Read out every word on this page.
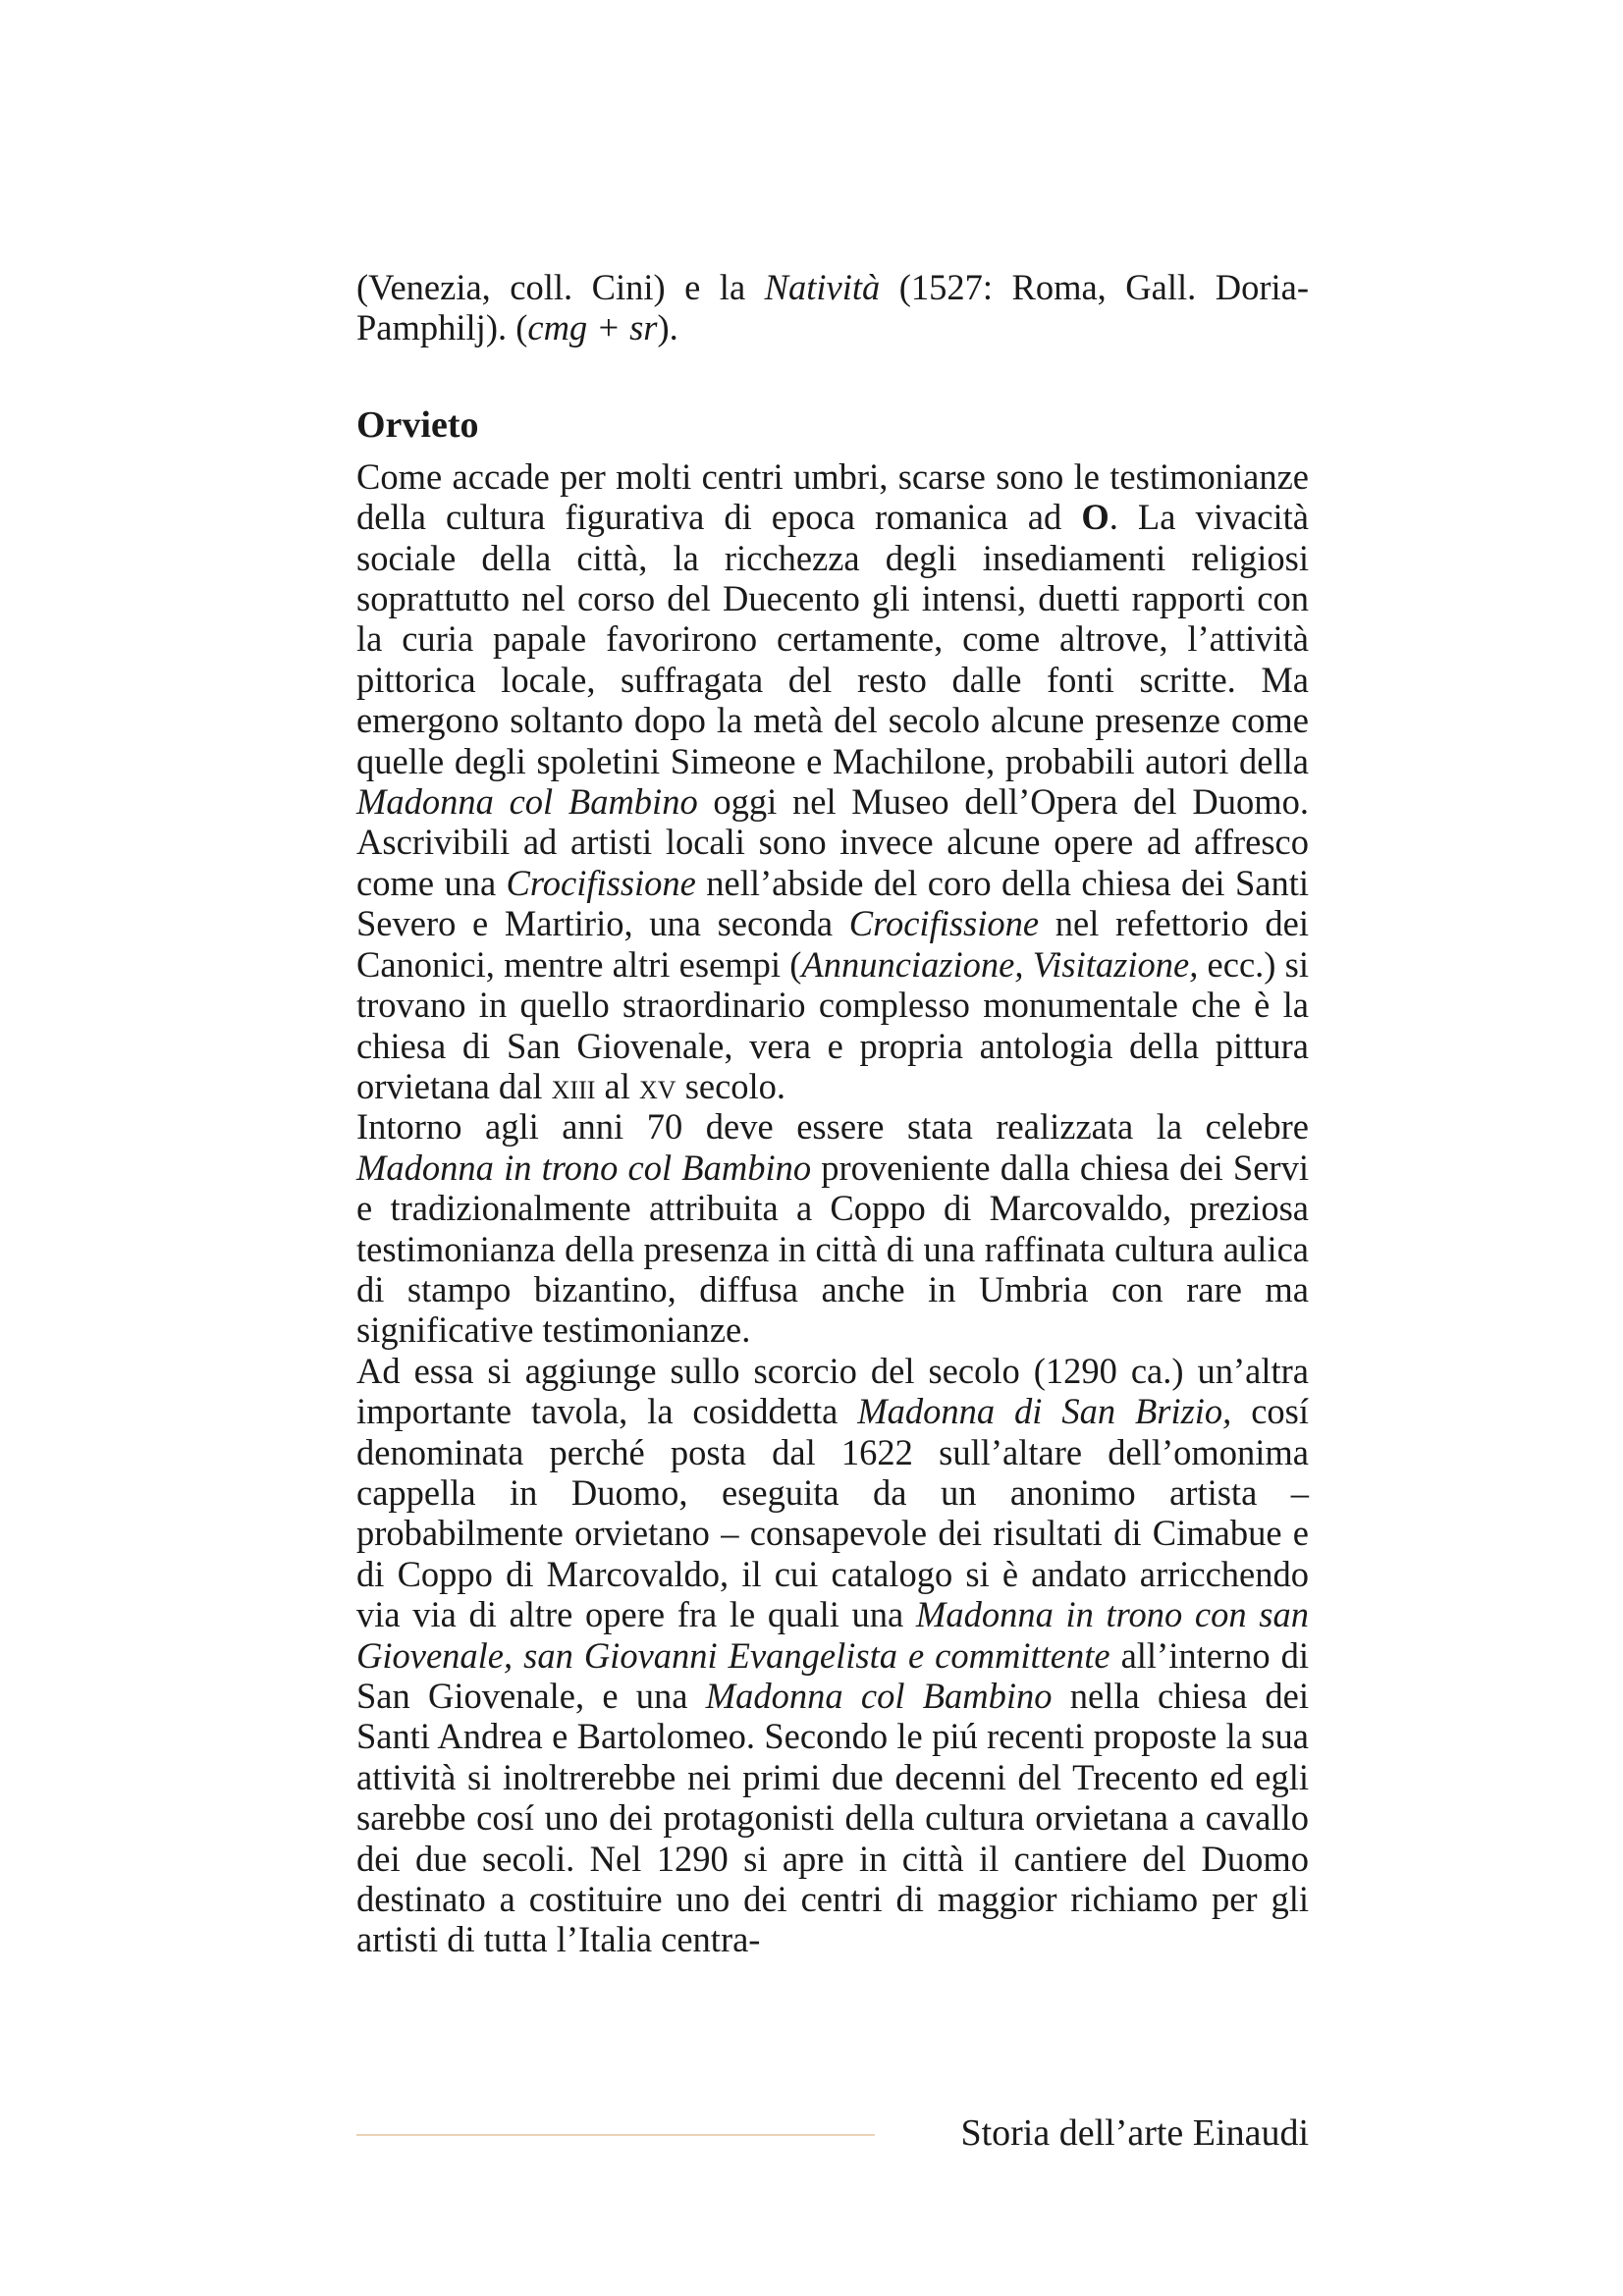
(Venezia, coll. Cini) e la Natività (1527: Roma, Gall. Doria-Pamphilj). (cmg + sr).

Orvieto

Come accade per molti centri umbri, scarse sono le testimonianze della cultura figurativa di epoca romanica ad O. La vivacità sociale della città, la ricchezza degli insediamenti religiosi soprattutto nel corso del Duecento gli intensi, duetti rapporti con la curia papale favorirono certamente, come altrove, l’attività pittorica locale, suffragata del resto dalle fonti scritte. Ma emergono soltanto dopo la metà del secolo alcune presenze come quelle degli spoletini Simeone e Machilone, probabili autori della Madonna col Bambino oggi nel Museo dell’Opera del Duomo. Ascrivibili ad artisti locali sono invece alcune opere ad affresco come una Crocifissione nell’abside del coro della chiesa dei Santi Severo e Martirio, una seconda Crocifissione nel refettorio dei Canonici, mentre altri esempi (Annunciazione, Visitazione, ecc.) si trovano in quello straordinario complesso monumentale che è la chiesa di San Giovenale, vera e propria antologia della pittura orvietana dal xiii al xv secolo.

Intorno agli anni 70 deve essere stata realizzata la celebre Madonna in trono col Bambino proveniente dalla chiesa dei Servi e tradizionalmente attribuita a Coppo di Marcovaldo, preziosa testimonianza della presenza in città di una raffinata cultura aulica di stampo bizantino, diffusa anche in Umbria con rare ma significative testimonianze.

Ad essa si aggiunge sullo scorcio del secolo (1290 ca.) un’altra importante tavola, la cosiddetta Madonna di San Brizio, cosí denominata perché posta dal 1622 sull’altare dell’omonima cappella in Duomo, eseguita da un anonimo artista – probabilmente orvietano – consapevole dei risultati di Cimabue e di Coppo di Marcovaldo, il cui catalogo si è andato arricchendo via via di altre opere fra le quali una Madonna in trono con san Giovenale, san Giovanni Evangelista e committente all’interno di San Giovenale, e una Madonna col Bambino nella chiesa dei Santi Andrea e Bartolomeo. Secondo le piú recenti proposte la sua attività si inoltrerebbe nei primi due decenni del Trecento ed egli sarebbe cosí uno dei protagonisti della cultura orvietana a cavallo dei due secoli. Nel 1290 si apre in città il cantiere del Duomo destinato a costituire uno dei centri di maggior richiamo per gli artisti di tutta l’Italia centra-

Storia dell’arte Einaudi
